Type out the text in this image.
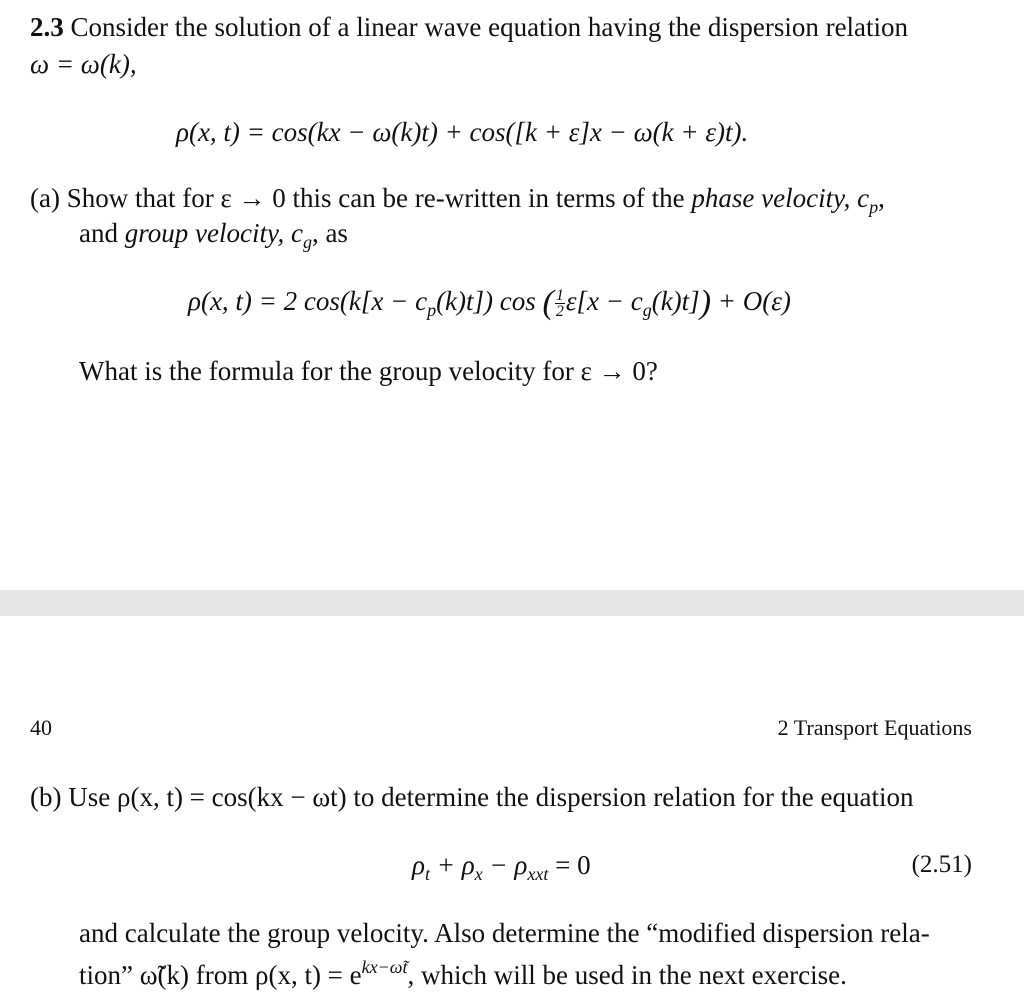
2.3 Consider the solution of a linear wave equation having the dispersion relation
ω = ω(k),
ρ(x, t) = cos(kx − ω(k)t) + cos([k + ε]x − ω(k + ε)t).
(a) Show that for ε → 0 this can be re-written in terms of the phase velocity, $c_p$,
and group velocity, $c_g$, as
ρ(x, t) = 2 $\cos(k[x - c_p(k)t])$ cos ( $\frac{1}{2} \varepsilon[x - c_g(k)t]) + O(\varepsilon)$
What is the formula for the group velocity for ε → 0?
40	2 Transport Equations
(b) Use ρ(x, t) = cos(kx − ωt) to determine the dispersion relation for the equation
$\rho_t + \rho_x - \rho_{xxt} = 0$	(2.51)
and calculate the group velocity. Also determine the “modified dispersion rela-
tion” ω̃(k) from ρ(x, $t) = e^{kx-\omegãt}$, which will be used in the next exercise.
